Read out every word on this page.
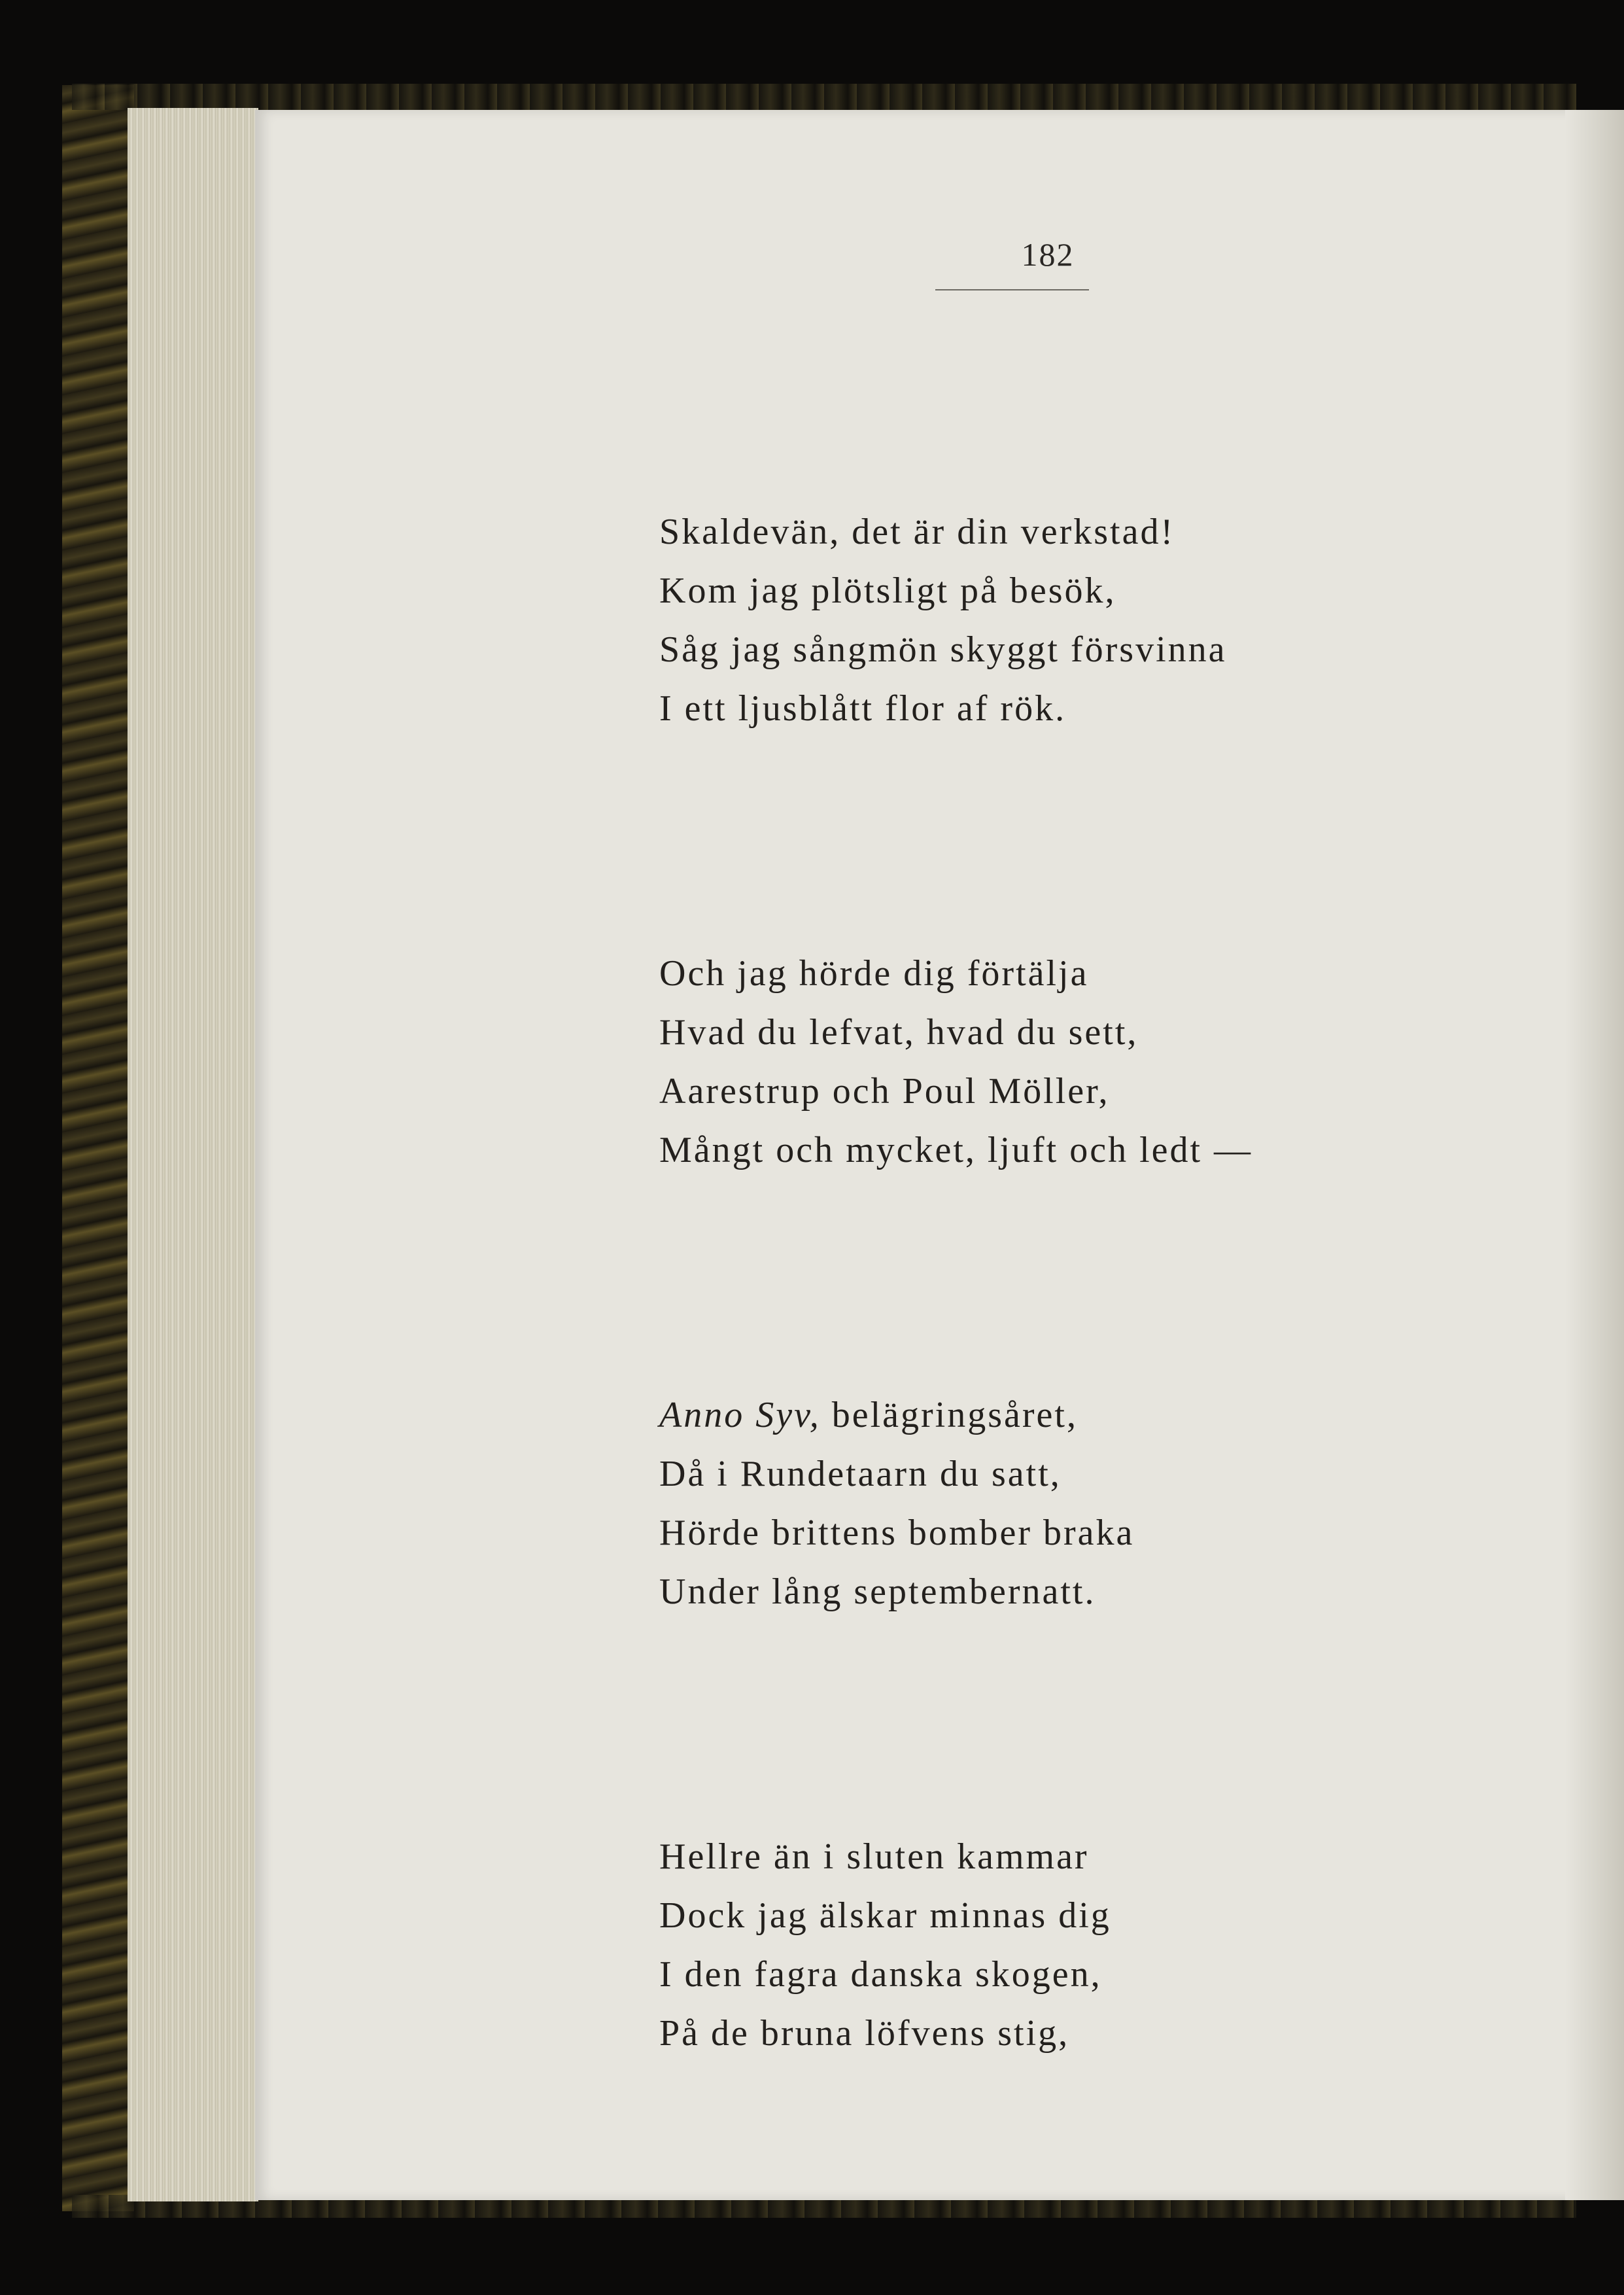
182
Skaldevän, det är din verkstad!
Kom jag plötsligt på besök,
Såg jag sångmön skyggt försvinna
I ett ljusblått flor af rök.
Och jag hörde dig förtälja
Hvad du lefvat, hvad du sett,
Aarestrup och Poul Möller,
Mångt och mycket, ljuft och ledt —
Anno Syv, belägringsåret,
Då i Rundetaarn du satt,
Hörde brittens bomber braka
Under lång septembernatt.
Hellre än i sluten kammar
Dock jag älskar minnas dig
I den fagra danska skogen,
På de bruna löfvens stig,
